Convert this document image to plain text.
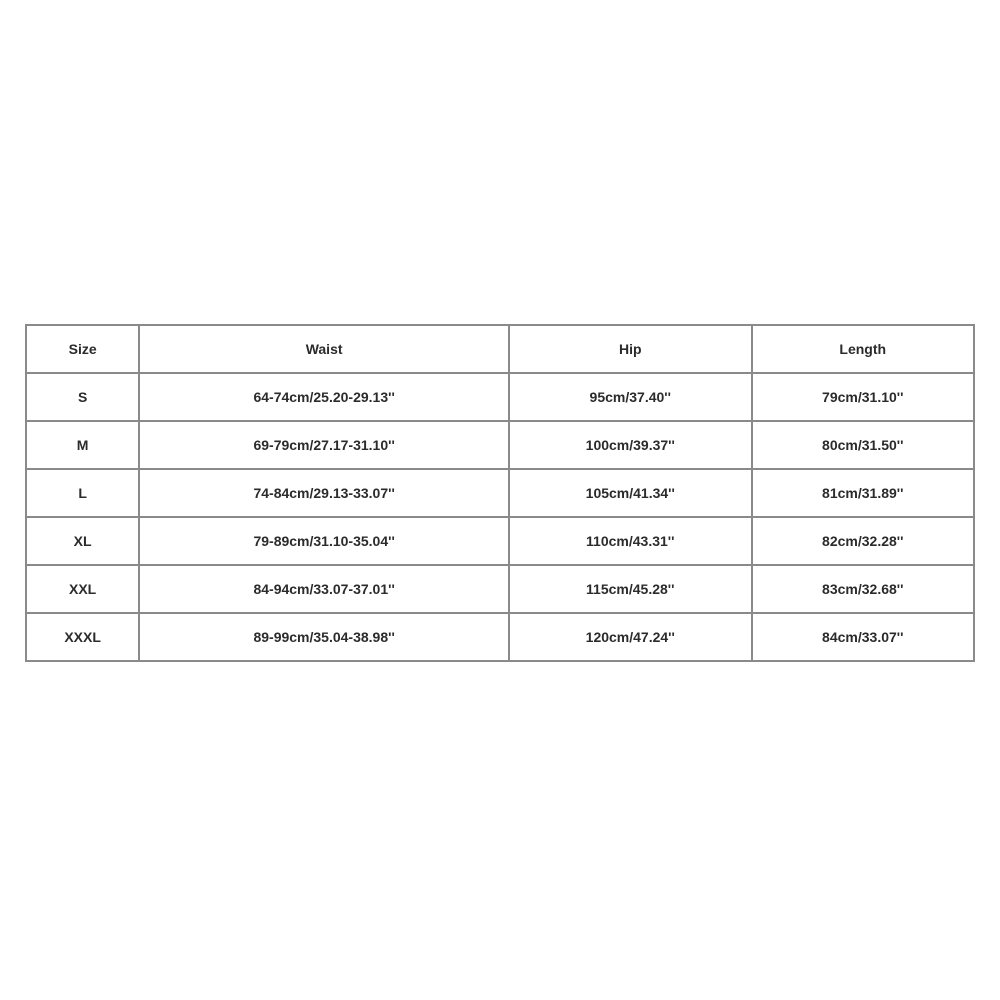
Size	Waist	Hip	Length
S	64-74cm/25.20-29.13''	95cm/37.40''	79cm/31.10''
M	69-79cm/27.17-31.10''	100cm/39.37''	80cm/31.50''
L	74-84cm/29.13-33.07''	105cm/41.34''	81cm/31.89''
XL	79-89cm/31.10-35.04''	110cm/43.31''	82cm/32.28''
XXL	84-94cm/33.07-37.01''	115cm/45.28''	83cm/32.68''
XXXL	89-99cm/35.04-38.98''	120cm/47.24''	84cm/33.07''
